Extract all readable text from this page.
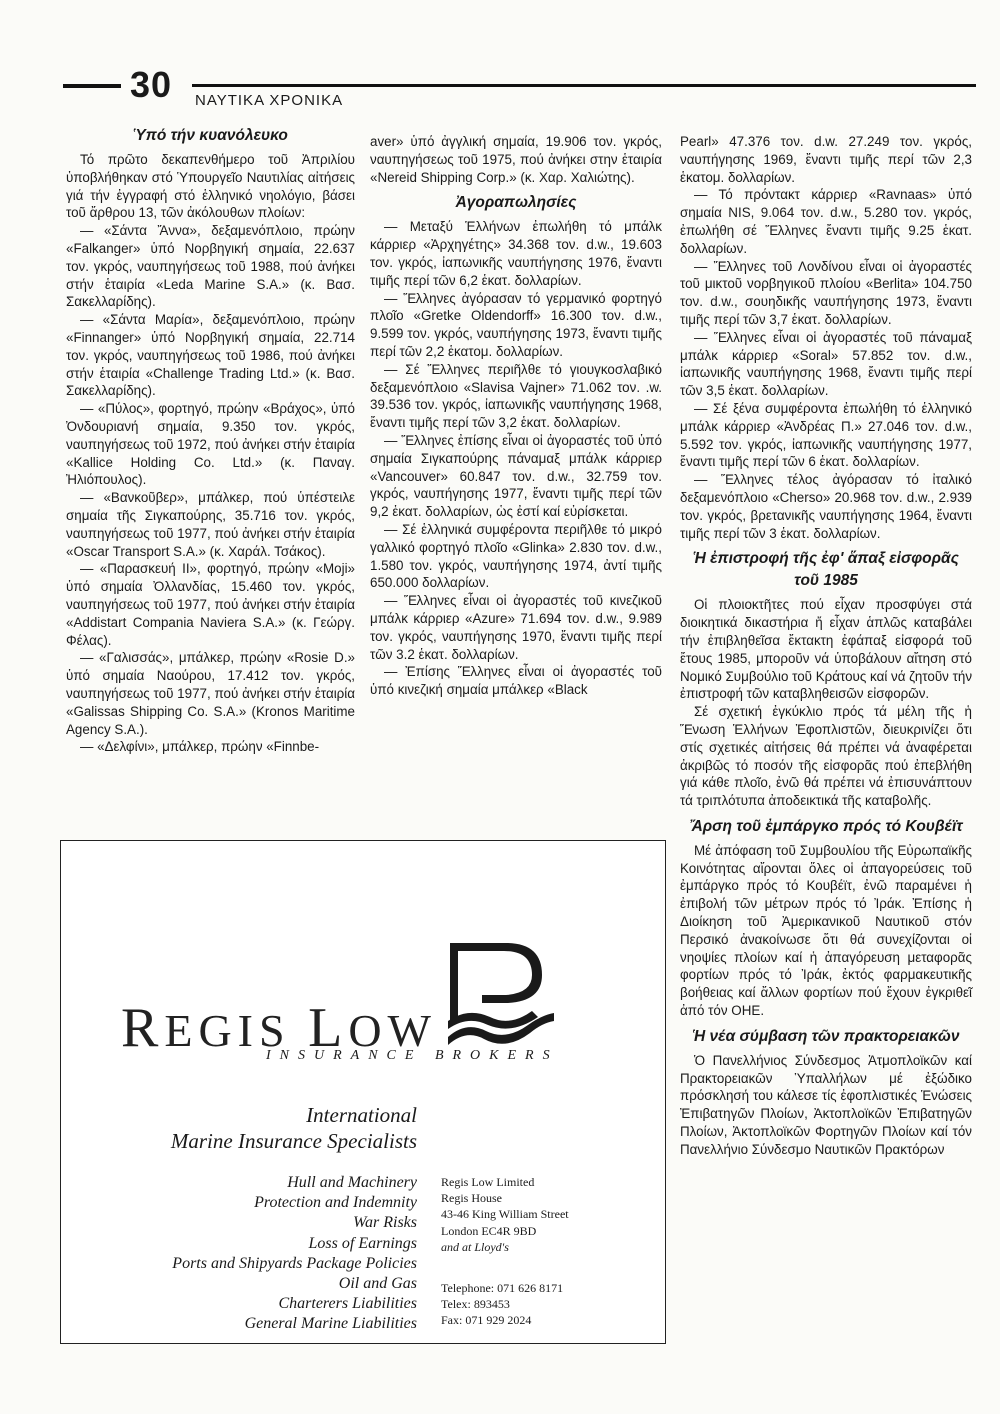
30 ΝΑΥΤΙΚΑ ΧΡΟΝΙΚΑ
Ὑπό τήν κυανόλευκο

Τό πρῶτο δεκαπενθήμερο τοῦ Ἀπριλίου ὑποβλήθηκαν στό Ὑπουργεῖο Ναυτιλίας αἰτήσεις γιά τήν ἐγγραφή στό ἑλληνικό νηολόγιο, βάσει τοῦ ἄρθρου 13, τῶν ἀκόλουθων πλοίων:

— «Σάντα Ἄννα», δεξαμενόπλοιο, πρώην «Falkanger» ὑπό Νορβηγική σημαία, 22.637 τον. γκρός, ναυπηγήσεως τοῦ 1988, πού ἀνήκει στήν ἑταιρία «Leda Marine S.A.» (κ. Βασ. Σακελλαρίδης).

— «Σάντα Μαρία», δεξαμενόπλοιο, πρώην «Finnanger» ὑπό Νορβηγική σημαία, 22.714 τον. γκρός, ναυπηγήσεως τοῦ 1986, πού ἀνήκει στήν ἑταιρία «Challenge Trading Ltd.» (κ. Βασ. Σακελλαρίδης).

— «Πύλος», φορτηγό, πρώην «Βράχος», ὑπό Ὀνδουριανή σημαία, 9.350 τον. γκρός, ναυπηγήσεως τοῦ 1972, πού ἀνήκει στήν ἑταιρία «Kallice Holding Co. Ltd.» (κ. Παναγ. Ἠλιόπουλος).

— «Βανκοῦβερ», μπάλκερ, πού ὑπέστειλε σημαία τῆς Σιγκαπούρης, 35.716 τον. γκρός, ναυπηγήσεως τοῦ 1977, πού ἀνήκει στήν ἑταιρία «Oscar Transport S.A.» (κ. Χαράλ. Τσάκος).

— «Παρασκευή II», φορτηγό, πρώην «Moji» ὑπό σημαία Ὀλλανδίας, 15.460 τον. γκρός, ναυπηγήσεως τοῦ 1977, πού ἀνήκει στήν ἑταιρία «Addistart Compania Naviera S.A.» (κ. Γεώργ. Φέλας).

— «Γαλισσάς», μπάλκερ, πρώην «Rosie D.» ὑπό σημαία Ναούρου, 17.412 τον. γκρός, ναυπηγήσεως τοῦ 1977, πού ἀνήκει στήν ἑταιρία «Galissas Shipping Co. S.A.» (Kronos Maritime Agency S.A.).

— «Δελφίνι», μπάλκερ, πρώην «Finnbe-

aver» ὑπό ἀγγλική σημαία, 19.906 τον. γκρός, ναυπηγήσεως τοῦ 1975, πού ἀνήκει στην ἑταιρία «Nereid Shipping Corp.» (κ. Χαρ. Χαλιώτης).

Ἀγοραπωλησίες

— Μεταξύ Ἑλλήνων ἐπωλήθη τό μπάλκ κάρριερ «Ἀρχηγέτης» 34.368 τον. d.w., 19.603 τον. γκρός, ἰαπωνικῆς ναυπήγησης 1976, ἔναντι τιμῆς περί τῶν 6,2 ἑκατ. δολλαρίων.

— Ἕλληνες ἀγόρασαν τό γερμανικό φορτηγό πλοῖο «Gretke Oldendorff» 16.300 τον. d.w., 9.599 τον. γκρός, ναυπήγησης 1973, ἔναντι τιμῆς περί τῶν 2,2 ἑκατομ. δολλαρίων.

— Σέ Ἕλληνες περιῆλθε τό γιουγκοσλαβικό δεξαμενόπλοιο «Slavisa Vajner» 71.062 τον. .w. 39.536 τον. γκρός, ἰαπωνικῆς ναυπήγησης 1968, ἔναντι τιμῆς περί τῶν 3,2 ἑκατ. δολλαρίων.

— Ἕλληνες ἐπίσης εἶναι οἱ ἀγοραστές τοῦ ὑπό σημαία Σιγκαπούρης πάναμαξ μπάλκ κάρριερ «Vancouver» 60.847 τον. d.w., 32.759 τον. γκρός, ναυπήγησης 1977, ἔναντι τιμῆς περί τῶν 9,2 ἑκατ. δολλαρίων, ὡς ἐστί καί εὐρίσκεται.

— Σέ ἑλληνικά συμφέροντα περιῆλθε τό μικρό γαλλικό φορτηγό πλοῖο «Glinka» 2.830 τον. d.w., 1.580 τον. γκρός, ναυπήγησης 1974, ἀντί τιμῆς 650.000 δολλαρίων.

— Ἕλληνες εἶναι οἱ ἀγοραστές τοῦ κινεζικοῦ μπάλκ κάρριερ «Azure» 71.694 τον. d.w., 9.989 τον. γκρός, ναυπήγησης 1970, ἔναντι τιμῆς περί τῶν 3.2 ἑκατ. δολλαρίων.

— Ἐπίσης Ἕλληνες εἶναι οἱ ἀγοραστές τοῦ ὑπό κινεζική σημαία μπάλκερ «Black

Pearl» 47.376 τον. d.w. 27.249 τον. γκρός, ναυπήγησης 1969, ἔναντι τιμῆς περί τῶν 2,3 ἑκατομ. δολλαρίων.

— Τό πρόντακτ κάρριερ «Ravnaas» ὑπό σημαία NIS, 9.064 τον. d.w., 5.280 τον. γκρός, ἐπωλήθη σέ Ἕλληνες ἔναντι τιμῆς 9.25 ἑκατ. δολλαρίων.

— Ἕλληνες τοῦ Λονδίνου εἶναι οἱ ἀγοραστές τοῦ μικτοῦ νορβηγικοῦ πλοίου «Berlita» 104.750 τον. d.w., σουηδικῆς ναυπήγησης 1973, ἔναντι τιμῆς περί τῶν 3,7 ἑκατ. δολλαρίων.

— Ἕλληνες εἶναι οἱ ἀγοραστές τοῦ πάναμαξ μπάλκ κάρριερ «Soral» 57.852 τον. d.w., ἰαπωνικῆς ναυπήγησης 1968, ἔναντι τιμῆς περί τῶν 3,5 ἑκατ. δολλαρίων.

— Σέ ξένα συμφέροντα ἐπωλήθη τό ἑλληνικό μπάλκ κάρριερ «Ἀνδρέας Π.» 27.046 τον. d.w., 5.592 τον. γκρός, ἰαπωνικῆς ναυπήγησης 1977, ἔναντι τιμῆς περί τῶν 6 ἑκατ. δολλαρίων.

— Ἕλληνες τέλος ἀγόρασαν τό ἰταλικό δεξαμενόπλοιο «Cherso» 20.968 τον. d.w., 2.939 τον. γκρός, βρετανικῆς ναυπήγησης 1964, ἔναντι τιμῆς περί τῶν 3 ἑκατ. δολλαρίων.

Ἡ ἐπιστροφή τῆς ἐφ' ἅπαξ εἰσφορᾶς τοῦ 1985

Οἱ πλοιοκτῆτες πού εἶχαν προσφύγει στά διοικητικά δικαστήρια ἤ εἶχαν ἁπλῶς καταβάλει τήν ἐπιβληθεῖσα ἔκτακτη ἐφάπαξ εἰσφορά τοῦ ἔτους 1985, μποροῦν νά ὑποβάλουν αἴτηση στό Νομικό Συμβούλιο τοῦ Κράτους καί νά ζητοῦν τήν ἐπιστροφή τῶν καταβληθεισῶν εἰσφορῶν.

Σέ σχετική ἐγκύκλιο πρός τά μέλη τῆς ἡ Ἕνωση Ἑλλήνων Ἐφοπλιστῶν, διευκρινίζει ὅτι στίς σχετικές αἰτήσεις θά πρέπει νά ἀναφέρεται ἀκριβῶς τό ποσόν τῆς εἰσφορᾶς πού ἐπεβλήθη γιά κάθε πλοῖο, ἐνῶ θά πρέπει νά ἐπισυνάπτουν τά τριπλότυπα ἀποδεικτικά τῆς καταβολῆς.

Ἄρση τοῦ ἐμπάργκο πρός τό Κουβέϊτ

Μέ ἀπόφαση τοῦ Συμβουλίου τῆς Εὐρωπαϊκῆς Κοινότητας αἴρονται ὅλες οἱ ἀπαγορεύσεις τοῦ ἐμπάργκο πρός τό Κουβέϊτ, ἐνῶ παραμένει ἡ ἐπιβολή τῶν μέτρων πρός τό Ἰράκ. Ἐπίσης ἡ Διοίκηση τοῦ Ἀμερικανικοῦ Ναυτικοῦ στόν Περσικό ἀνακοίνωσε ὅτι θά συνεχίζονται οἱ νηοψίες πλοίων καί ἡ ἀπαγόρευση μεταφορᾶς φορτίων πρός τό Ἰράκ, ἐκτός φαρμακευτικῆς βοήθειας καί ἄλλων φορτίων πού ἔχουν ἐγκριθεῖ ἀπό τόν ΟΗΕ.

Ἡ νέα σύμβαση τῶν πρακτορειακῶν

Ὁ Πανελλήνιος Σύνδεσμος Ἀτμοπλοϊκῶν καί Πρακτορειακῶν Ὑπαλλήλων μέ ἐξώδικο πρόσκλησή του κάλεσε τίς ἐφοπλιστικές Ἑνώσεις Ἐπιβατηγῶν Πλοίων, Ἀκτοπλοϊκῶν Ἐπιβατηγῶν Πλοίων, Ἀκτοπλοϊκῶν Φορτηγῶν Πλοίων καί τόν Πανελλήνιο Σύνδεσμο Ναυτικῶν Πρακτόρων

REGIS LOW
INSURANCE BROKERS
International
Marine Insurance Specialists
Hull and Machinery
Protection and Indemnity
War Risks
Loss of Earnings
Ports and Shipyards Package Policies
Oil and Gas
Charterers Liabilities
General Marine Liabilities
Regis Low Limited
Regis House
43-46 King William Street
London EC4R 9BD
and at Lloyd's
Telephone: 071 626 8171
Telex: 893453
Fax: 071 929 2024
